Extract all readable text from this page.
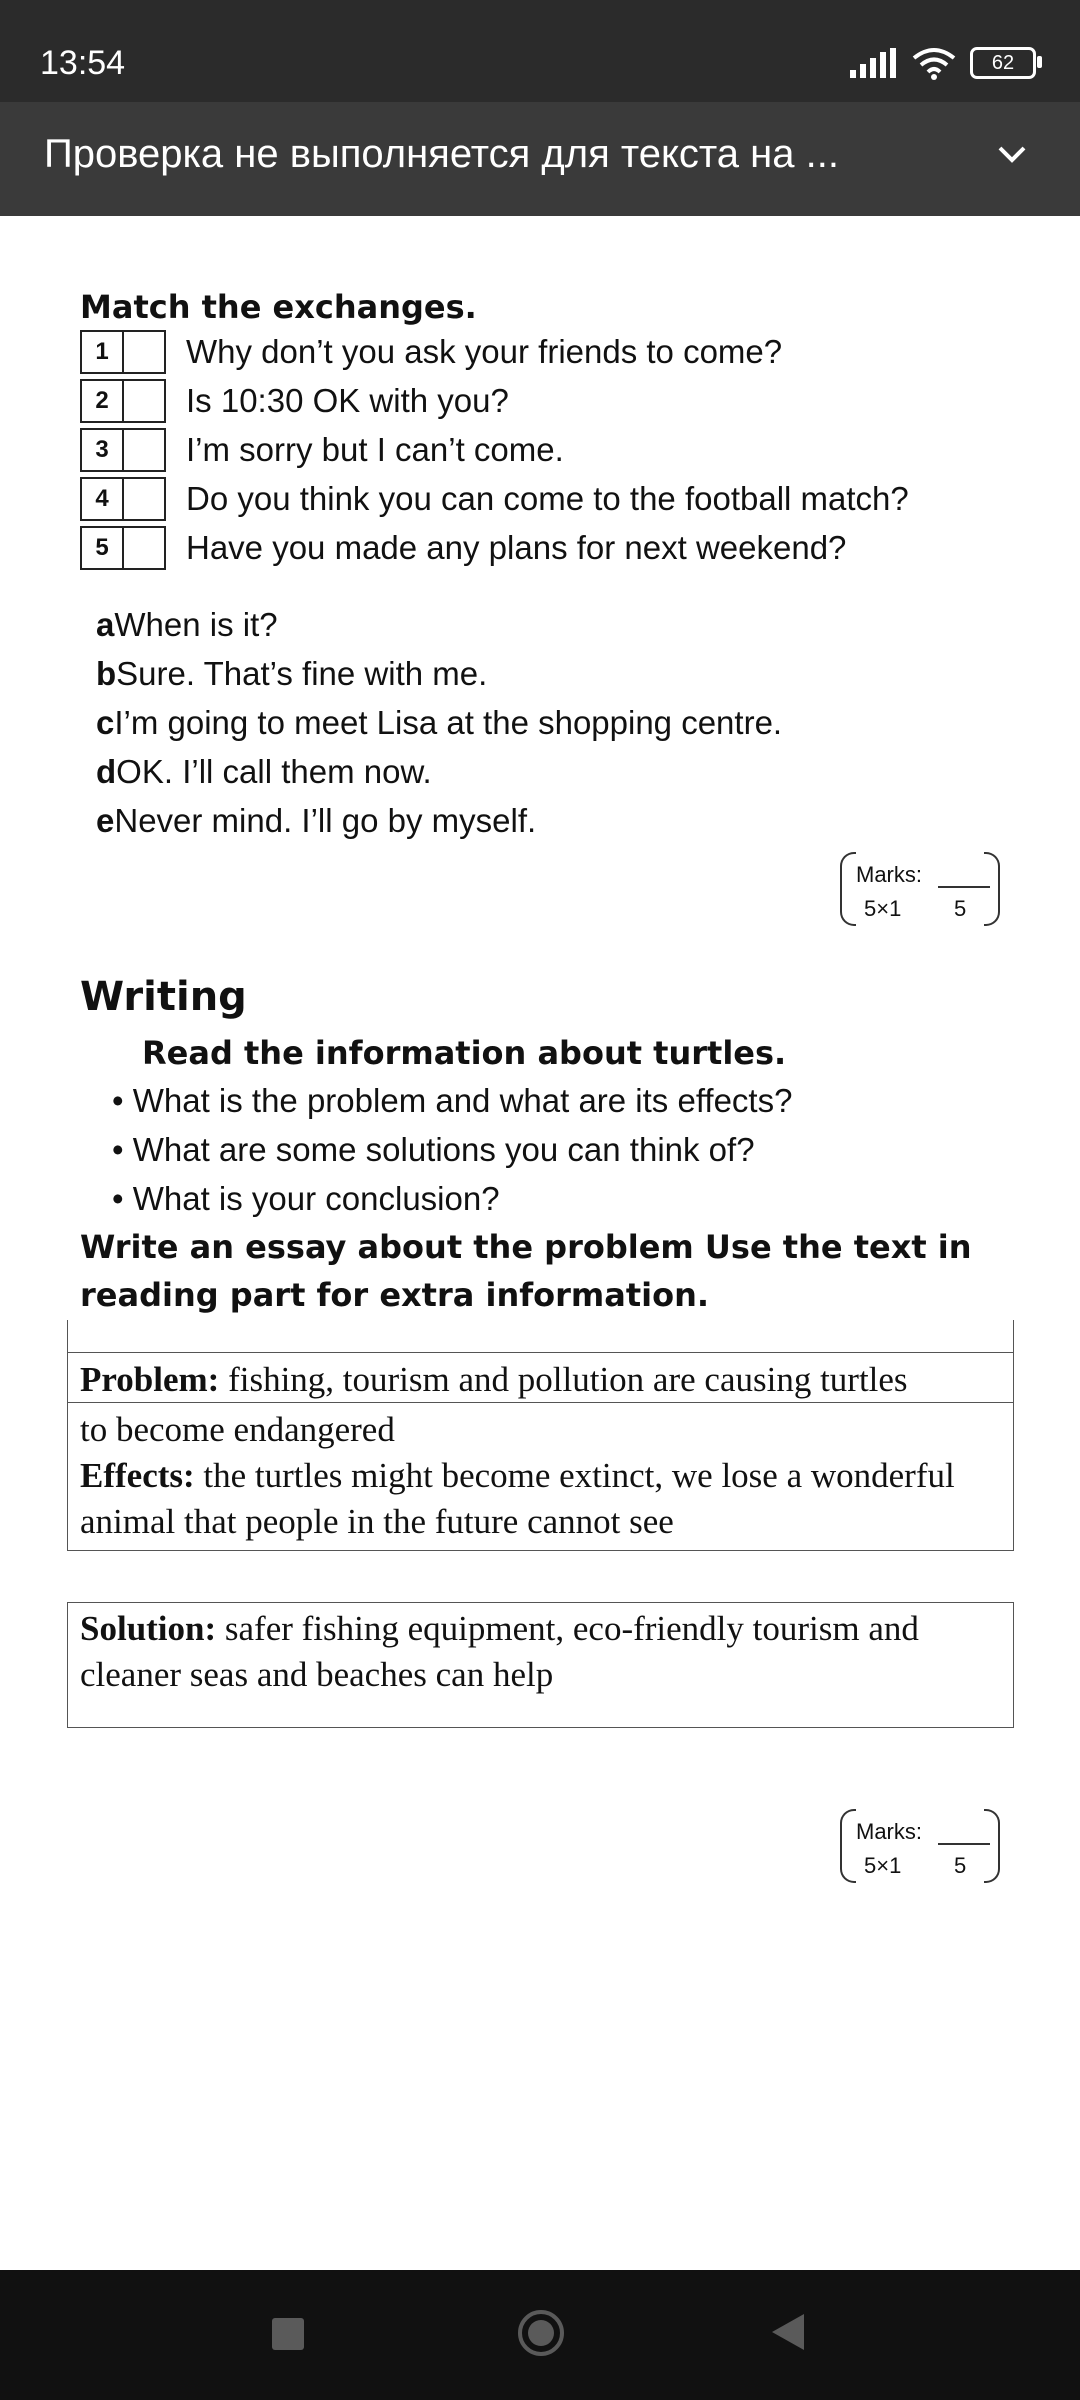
13:54	62
Проверка не выполняется для текста на ...
Match the exchanges.
1	Why don’t you ask your friends to come?
2	Is 10:30 OK with you?
3	I’m sorry but I can’t come.
4	Do you think you can come to the football match?
5	Have you made any plans for next weekend?
aWhen is it?
bSure. That’s fine with me.
cI’m going to meet Lisa at the shopping centre.
dOK. I’ll call them now.
eNever mind. I’ll go by myself.
Marks:
5×1 5
Writing
Read the information about turtles.
• What is the problem and what are its effects?
• What are some solutions you can think of?
• What is your conclusion?
Write an essay about the problem Use the text in
reading part for extra information.
Problem: fishing, tourism and pollution are causing turtles
to become endangered
Effects: the turtles might become extinct, we lose a wonderful
animal that people in the future cannot see
Solution: safer fishing equipment, eco-friendly tourism and
cleaner seas and beaches can help
Marks:
5×1 5
